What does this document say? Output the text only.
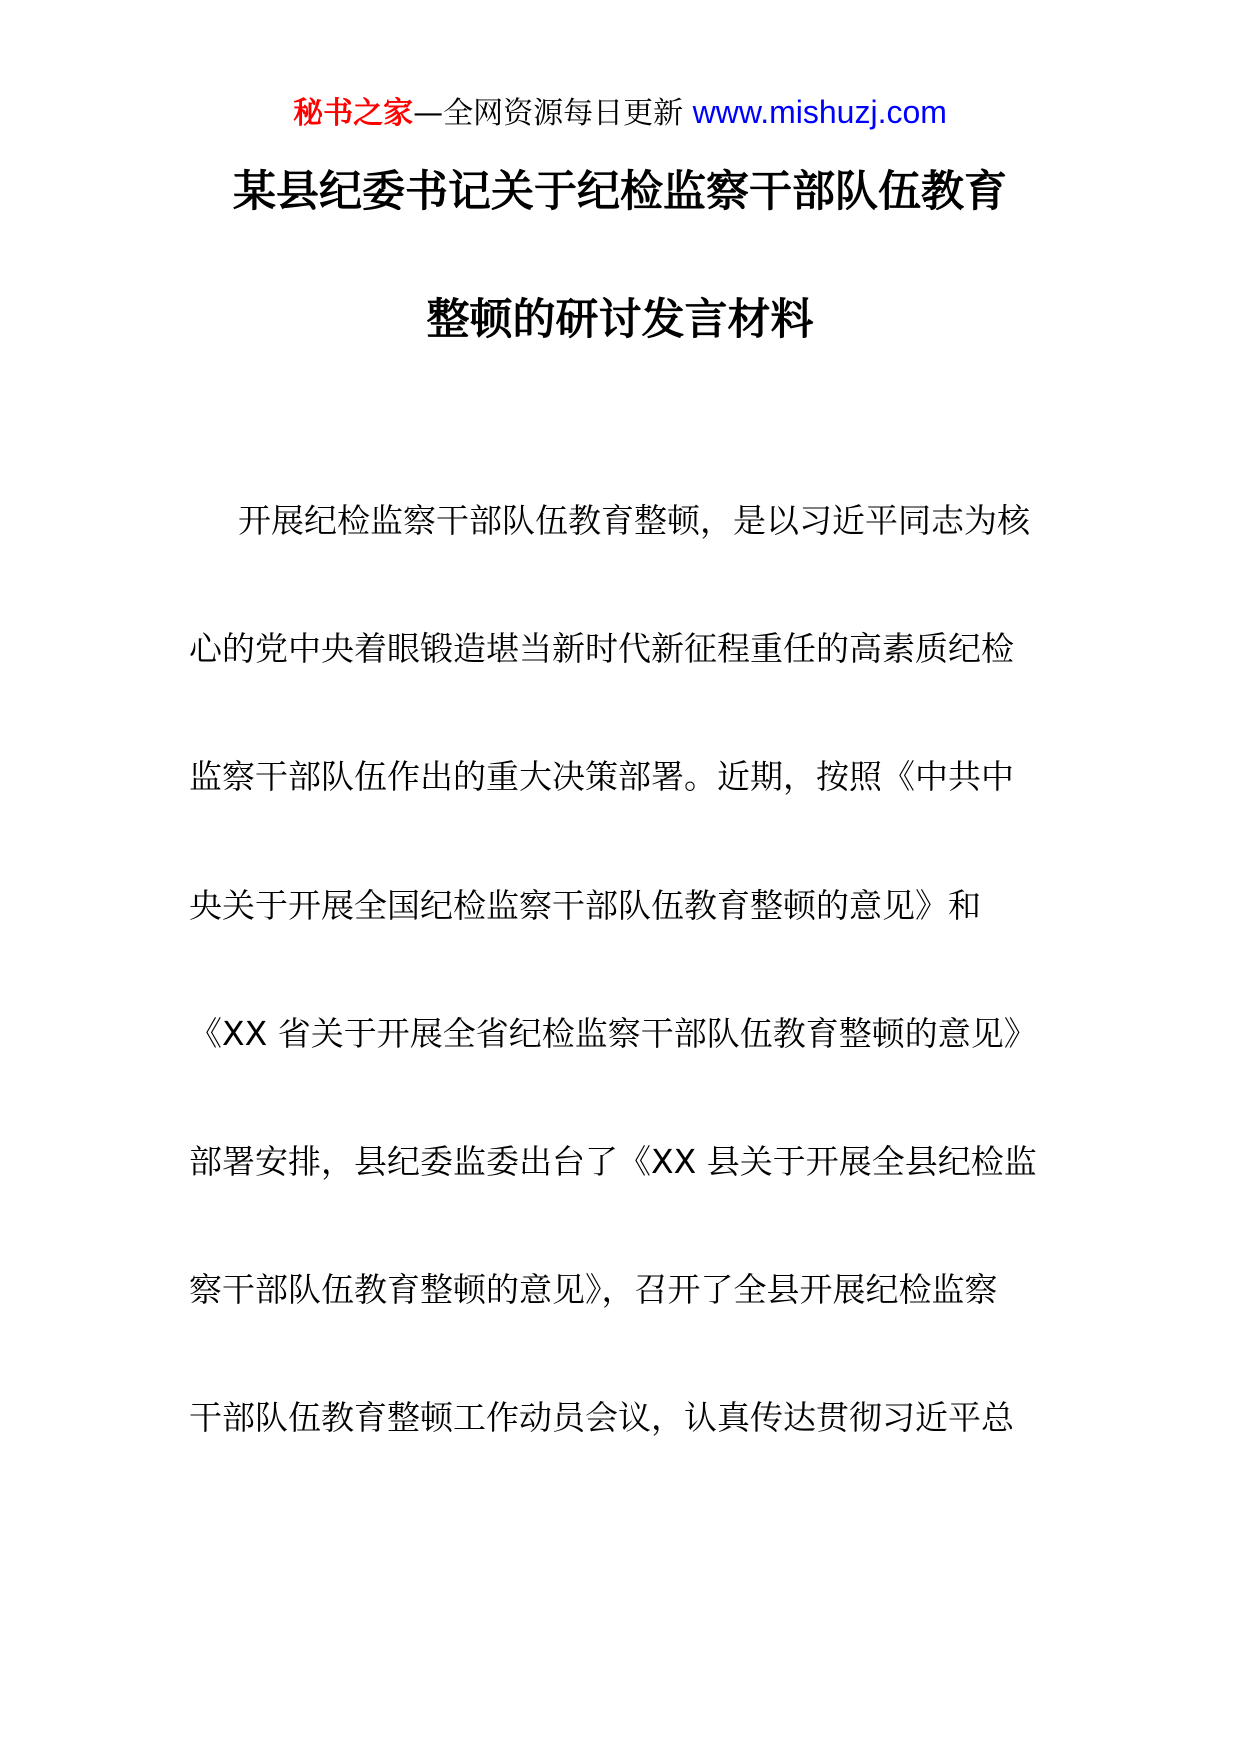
秘书之家—全网资源每日更新 www.mishuzj.com
某县纪委书记关于纪检监察干部队伍教育
整顿的研讨发言材料
开展纪检监察干部队伍教育整顿，是以习近平同志为核
心的党中央着眼锻造堪当新时代新征程重任的高素质纪检
监察干部队伍作出的重大决策部署。近期，按照《中共中
央关于开展全国纪检监察干部队伍教育整顿的意见》和
《XX 省关于开展全省纪检监察干部队伍教育整顿的意见》
部署安排，县纪委监委出台了《XX 县关于开展全县纪检监
察干部队伍教育整顿的意见》，召开了全县开展纪检监察
干部队伍教育整顿工作动员会议，认真传达贯彻习近平总
